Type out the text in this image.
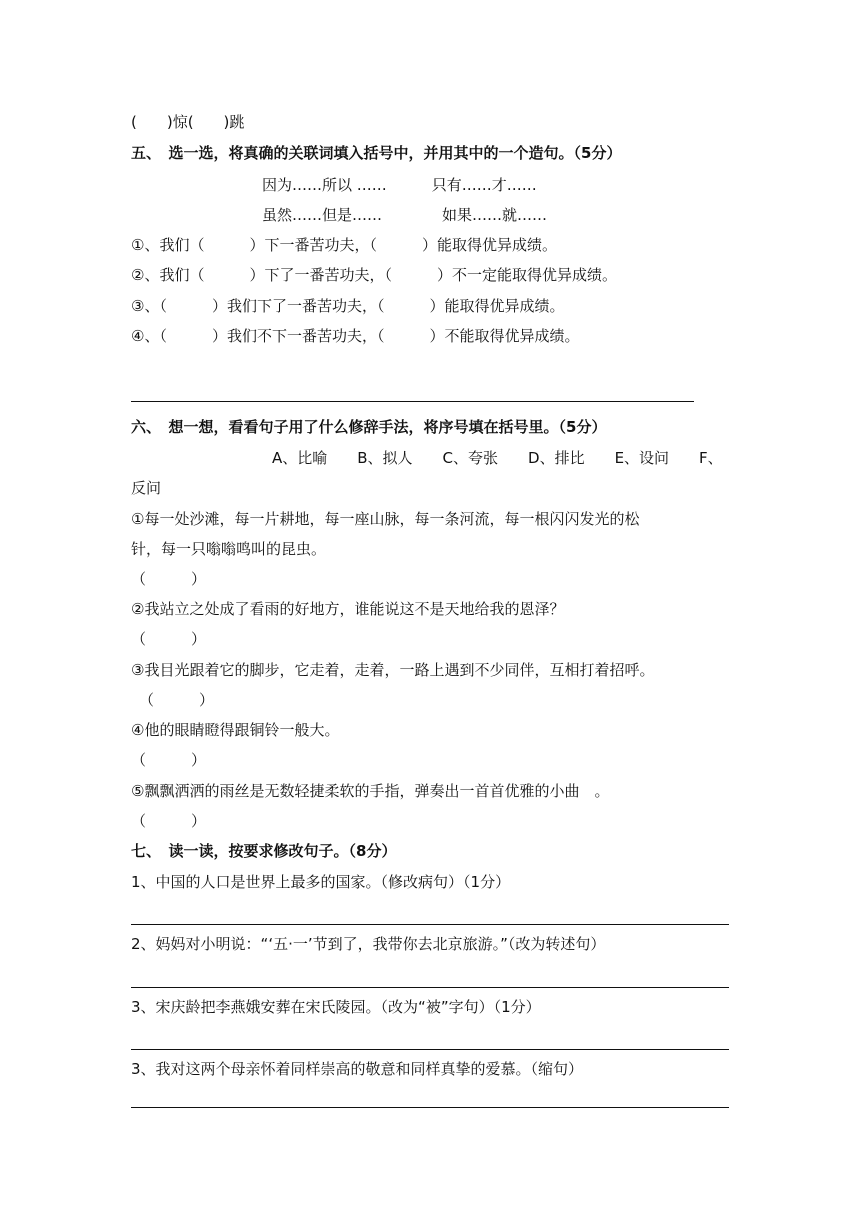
(　　)惊(　　)跳
五、　选一选，将真确的关联词填入括号中，并用其中的一个造句。（5分）
因为……所以 ……　　　只有……才……
虽然……但是……　　　　如果……就……
①、我们（　　　）下一番苦功夫，（　　　）能取得优异成绩。
②、我们（　　　）下了一番苦功夫，（　　　）不一定能取得优异成绩。
③、（　　　）我们下了一番苦功夫，（　　　）能取得优异成绩。
④、（　　　）我们不下一番苦功夫，（　　　）不能取得优异成绩。
六、　想一想，看看句子用了什么修辞手法，将序号填在括号里。（5分）
A、比喻　　B、拟人　　C、夸张　　D、排比　　E、设问　　F、
反问
①每一处沙滩，每一片耕地，每一座山脉，每一条河流，每一根闪闪发光的松
针，每一只嗡嗡鸣叫的昆虫。
（　　　）
②我站立之处成了看雨的好地方，谁能说这不是天地给我的恩泽？
（　　　）
③我目光跟着它的脚步，它走着，走着，一路上遇到不少同伴，互相打着招呼。
（　　　）
④他的眼睛瞪得跟铜铃一般大。
（　　　）
⑤飘飘洒洒的雨丝是无数轻捷柔软的手指，弹奏出一首首优雅的小曲　。
（　　　）
七、　读一读，按要求修改句子。（8分）
1、中国的人口是世界上最多的国家。（修改病句）（1分）
2、妈妈对小明说：“‘五·一’节到了，我带你去北京旅游。”（改为转述句）
3、宋庆龄把李燕娥安葬在宋氏陵园。（改为“被”字句）（1分）
3、我对这两个母亲怀着同样崇高的敬意和同样真挚的爱慕。（缩句）
